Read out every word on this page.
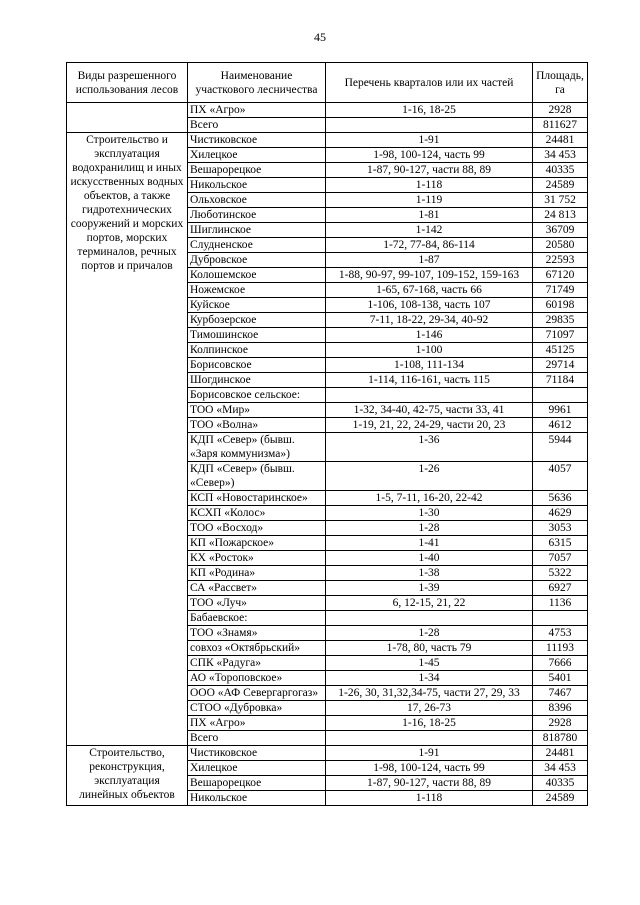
45
Виды разрешенного использования лесов	Наименование участкового лесничества	Перечень кварталов или их частей	Площадь, га
	ПХ «Агро»	1-16, 18-25	2928
	Всего		811627
Строительство и эксплуатация водохранилищ и иных искусственных водных объектов, а также гидротехнических сооружений и морских портов, морских терминалов, речных портов и причалов	Чистиковское	1-91	24481
	Хилецкое	1-98, 100-124, часть 99	34 453
	Вешарорецкое	1-87, 90-127, части 88, 89	40335
	Никольское	1-118	24589
	Ольховское	1-119	31 752
	Люботинское	1-81	24 813
	Шиглинское	1-142	36709
	Слудненское	1-72, 77-84, 86-114	20580
	Дубровское	1-87	22593
	Колошемское	1-88, 90-97, 99-107, 109-152, 159-163	67120
	Ножемское	1-65, 67-168, часть 66	71749
	Куйское	1-106, 108-138, часть 107	60198
	Курбозерское	7-11, 18-22, 29-34, 40-92	29835
	Тимошинское	1-146	71097
	Колпинское	1-100	45125
	Борисовское	1-108, 111-134	29714
	Шогдинское	1-114, 116-161, часть 115	71184
	Борисовское сельское:		
	ТОО «Мир»	1-32, 34-40, 42-75, части 33, 41	9961
	ТОО «Волна»	1-19, 21, 22, 24-29, части 20, 23	4612
	КДП «Север» (бывш. «Заря коммунизма»)	1-36	5944
	КДП «Север» (бывш. «Север»)	1-26	4057
	КСП «Новостаринское»	1-5, 7-11, 16-20, 22-42	5636
	КСХП «Колос»	1-30	4629
	ТОО «Восход»	1-28	3053
	КП «Пожарское»	1-41	6315
	КХ «Росток»	1-40	7057
	КП «Родина»	1-38	5322
	СА «Рассвет»	1-39	6927
	ТОО «Луч»	6, 12-15, 21, 22	1136
	Бабаевское:		
	ТОО «Знамя»	1-28	4753
	совхоз «Октябрьский»	1-78, 80, часть 79	11193
	СПК «Радуга»	1-45	7666
	АО «Тороповское»	1-34	5401
	ООО «АФ Севергаргогаз»	1-26, 30, 31,32,34-75, части 27, 29, 33	7467
	СТОО «Дубровка»	17, 26-73	8396
	ПХ «Агро»	1-16, 18-25	2928
	Всего		818780
Строительство, реконструкция, эксплуатация линейных объектов	Чистиковское	1-91	24481
	Хилецкое	1-98, 100-124, часть 99	34 453
	Вешарорецкое	1-87, 90-127, части 88, 89	40335
	Никольское	1-118	24589
